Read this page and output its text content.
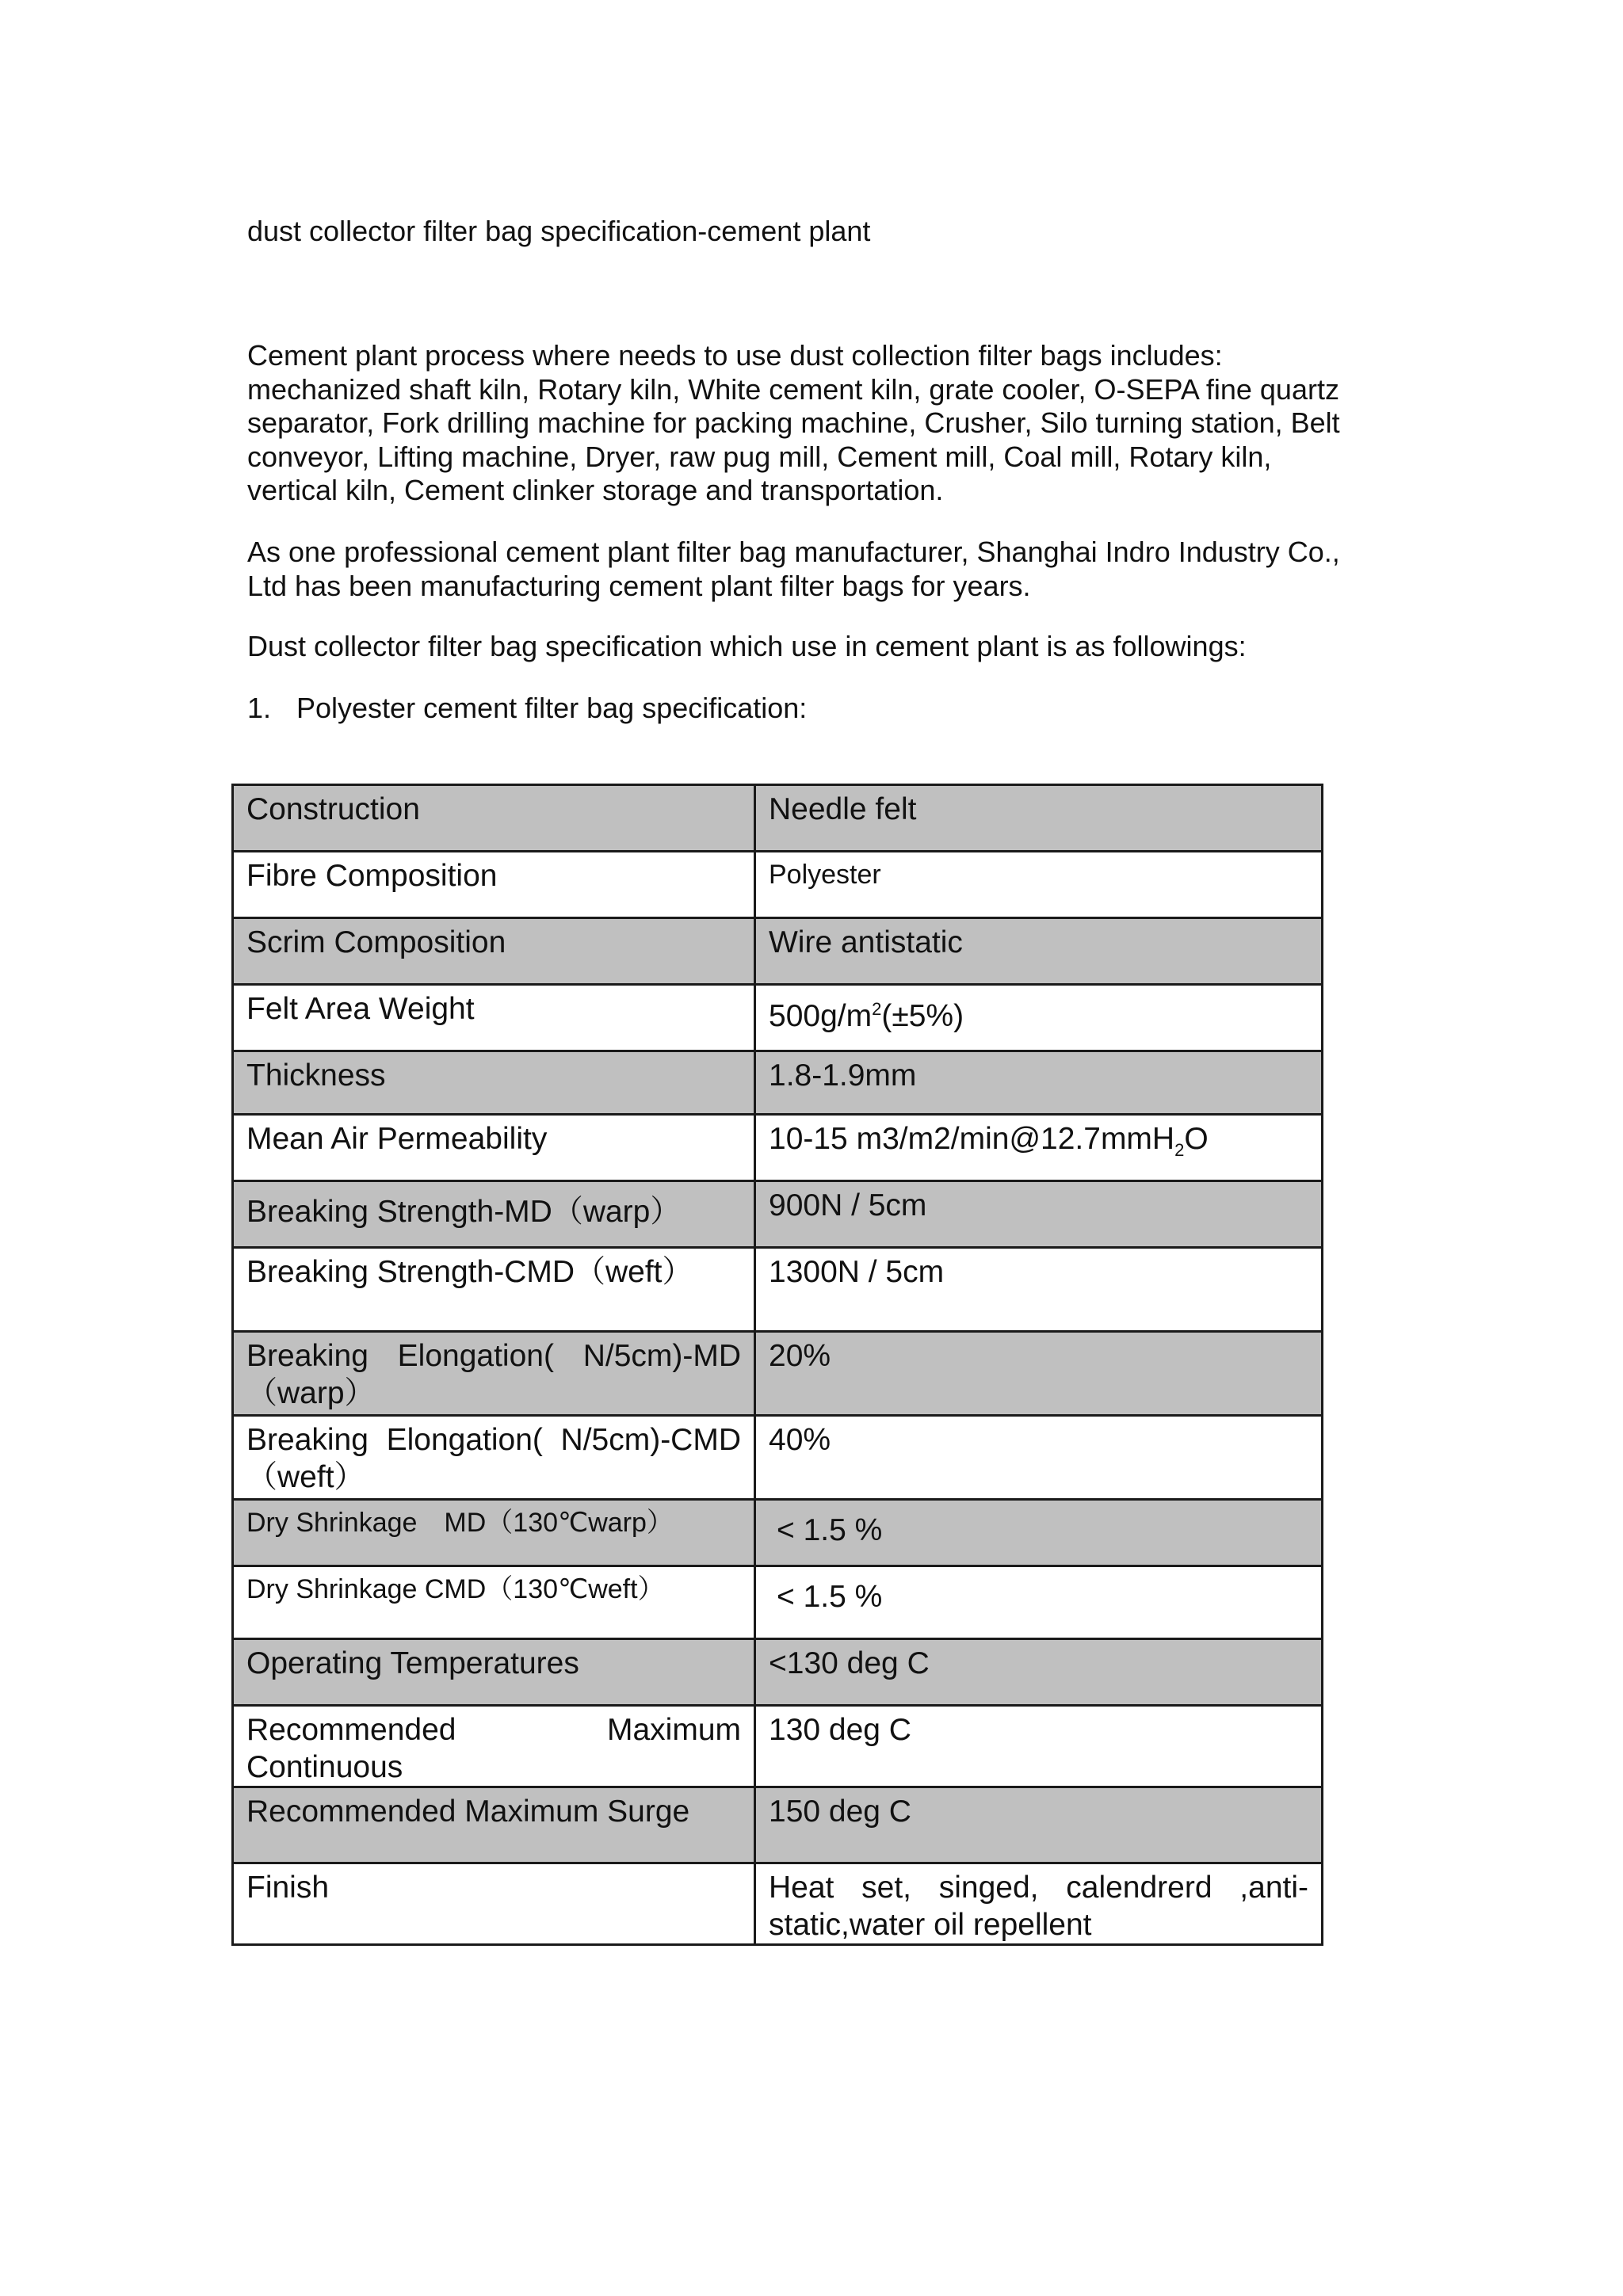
dust collector filter bag specification-cement plant
Cement plant process where needs to use dust collection filter bags includes: mechanized shaft kiln, Rotary kiln, White cement kiln, grate cooler, O-SEPA fine quartz separator, Fork drilling machine for packing machine, Crusher, Silo turning station, Belt conveyor, Lifting machine, Dryer, raw pug mill, Cement mill, Coal mill, Rotary kiln, vertical kiln, Cement clinker storage and transportation.
As one professional cement plant filter bag manufacturer, Shanghai Indro Industry Co., Ltd has been manufacturing cement plant filter bags for years.
Dust collector filter bag specification which use in cement plant is as followings:
1. Polyester cement filter bag specification:
Construction	Needle felt
Fibre Composition	Polyester
Scrim Composition	Wire antistatic
Felt Area Weight	$500g/m^2(\pm 5\%)$
Thickness	1.8-1.9mm
Mean Air Permeability	10-15 m3/m2/min@12.7mmH$_2$O
Breaking Strength-MD（warp）	900N / 5cm
Breaking Strength-CMD（weft）	1300N / 5cm
Breaking Elongation( N/5cm)-MD（warp）	20%
Breaking Elongation( N/5cm)-CMD（weft）	40%
Dry Shrinkage　MD（130℃warp）	< 1.5 %
Dry Shrinkage CMD（130℃weft）	< 1.5 %
Operating Temperatures	<130 deg C
Recommended Maximum Continuous	130 deg C
Recommended Maximum Surge	150 deg C
Finish	Heat set, singed, calendrerd ,anti-static,water oil repellent
